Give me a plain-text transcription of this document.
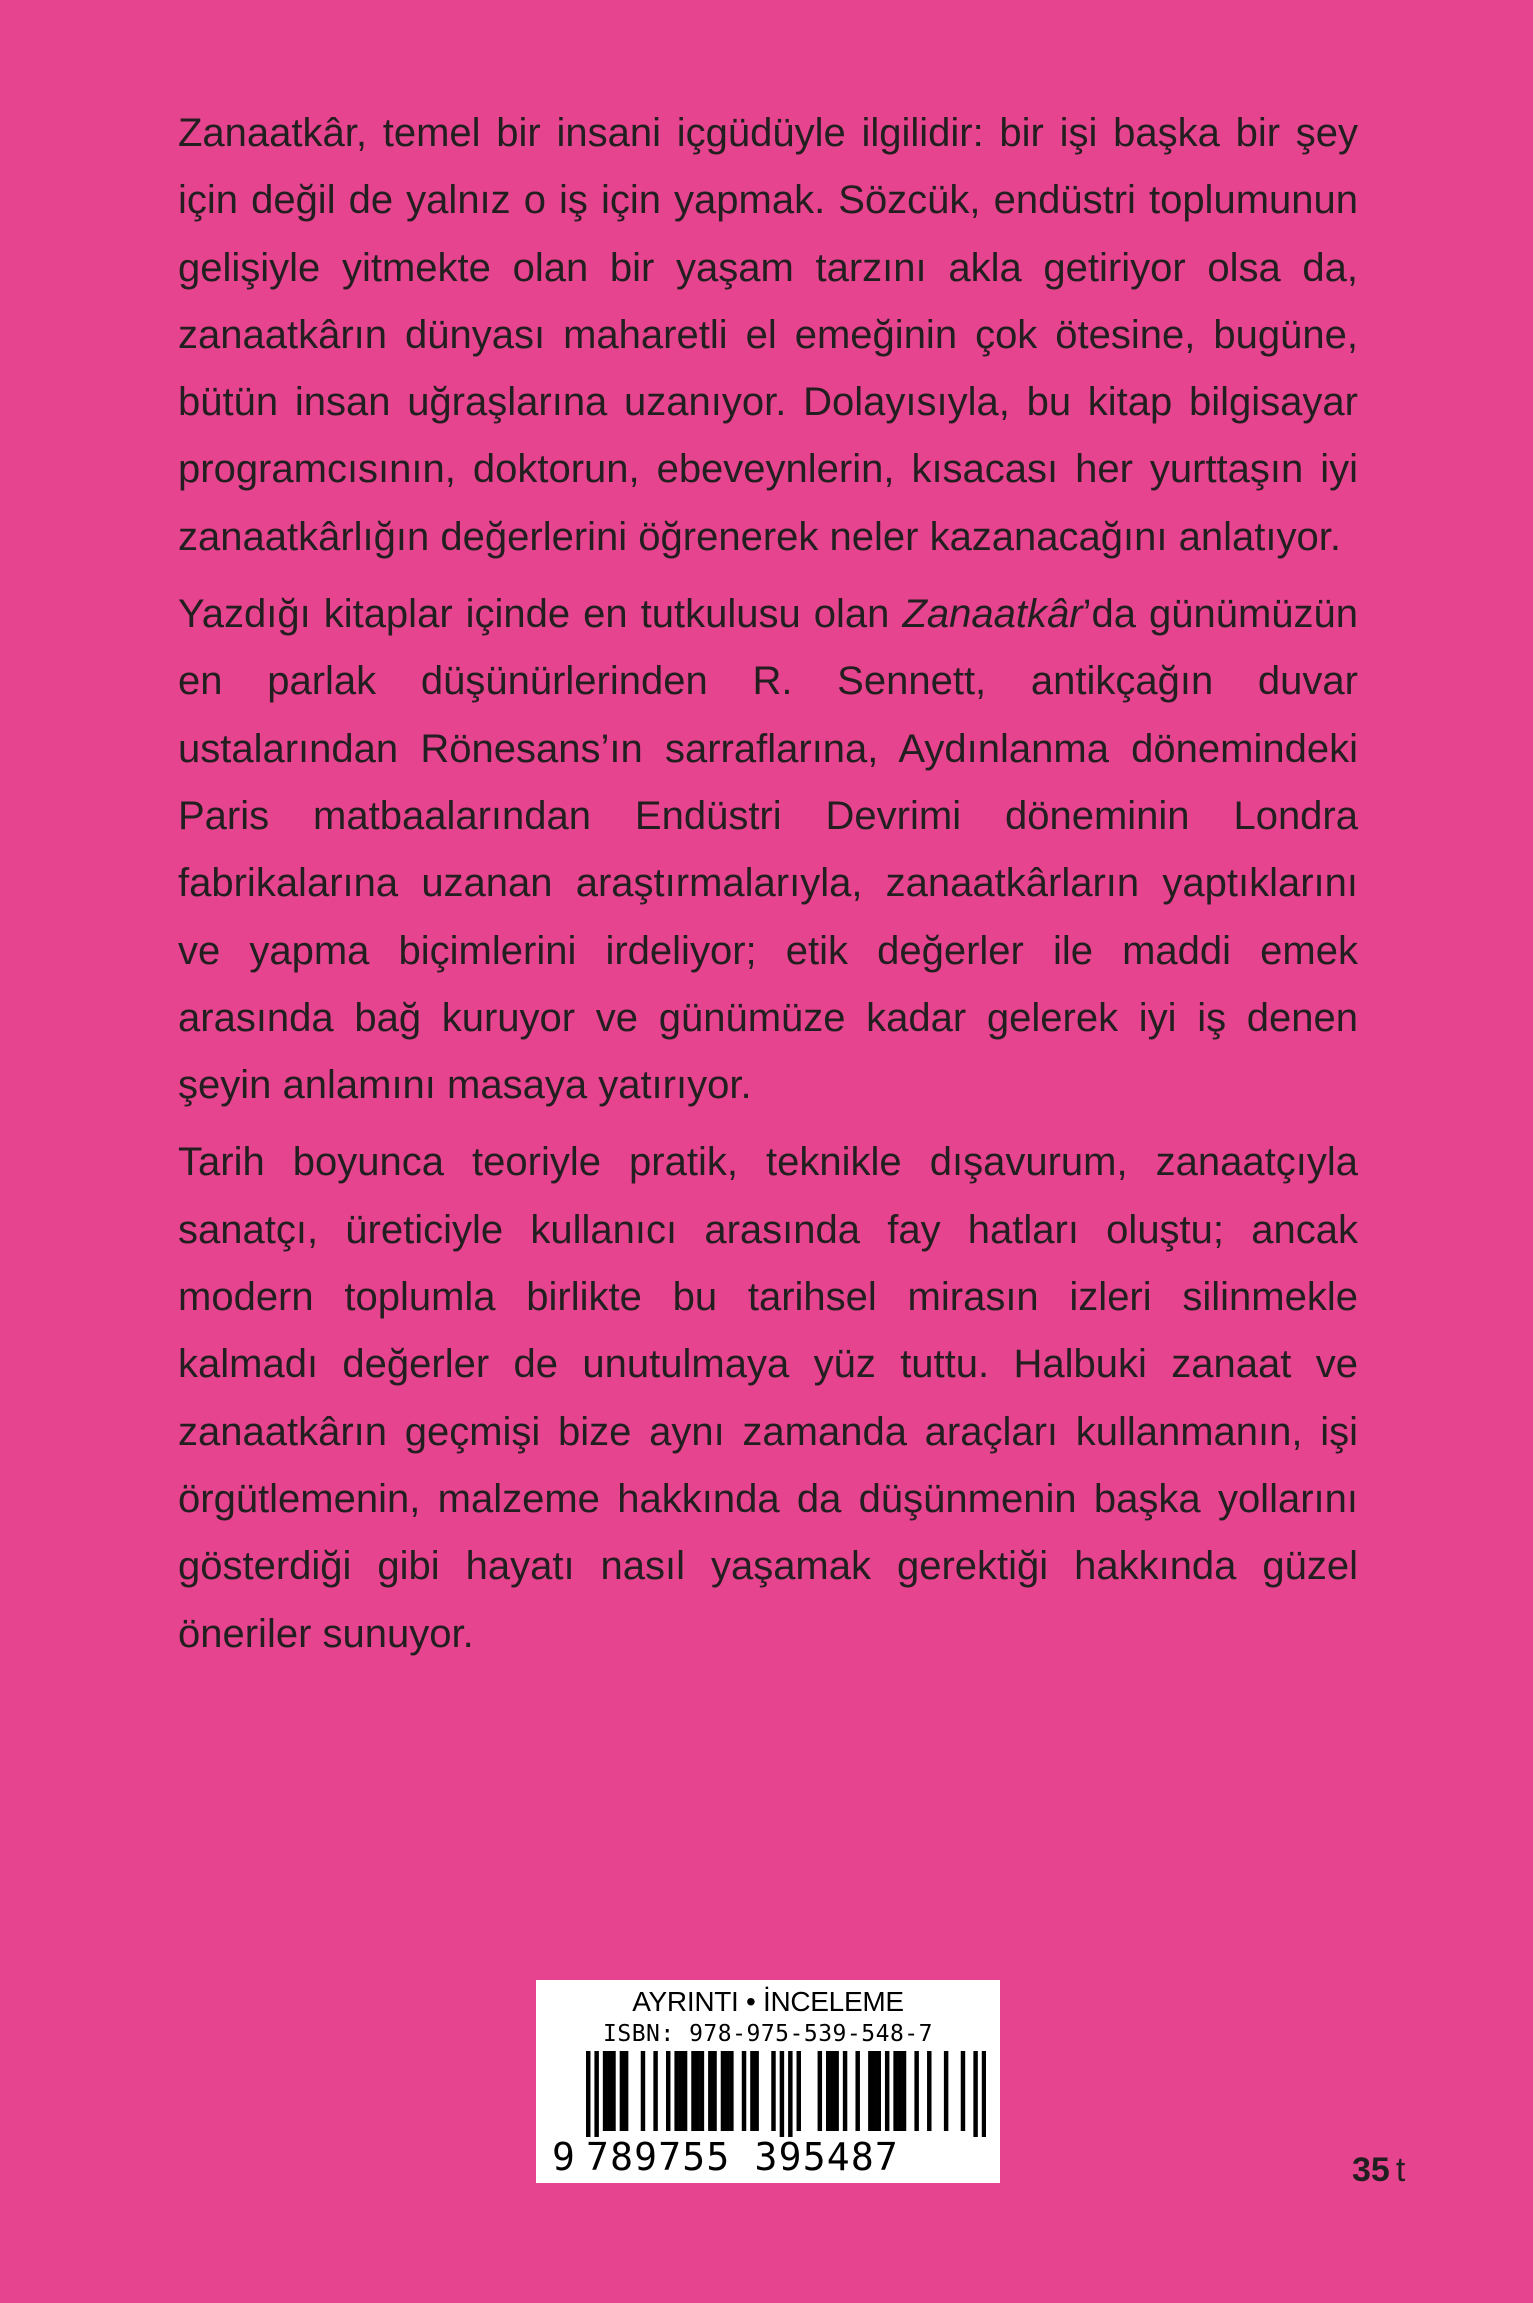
Zanaatkâr, temel bir insani içgüdüyle ilgilidir: bir işi başka bir şey için değil de yalnız o iş için yapmak. Sözcük, endüstri toplumunun gelişiyle yitmekte olan bir yaşam tarzını akla getiriyor olsa da, zanaatkârın dünyası maharetli el emeğinin çok ötesine, bugüne, bütün insan uğraşlarına uzanıyor. Dolayısıyla, bu kitap bilgisayar programcısının, doktorun, ebeveynlerin, kısacası her yurttaşın iyi zanaatkârlığın değerlerini öğrenerek neler kazanacağını anlatıyor.

Yazdığı kitaplar içinde en tutkulusu olan Zanaatkâr’da günümüzün en parlak düşünürlerinden R. Sennett, antikçağın duvar ustalarından Rönesans’ın sarraflarına, Aydınlanma dönemindeki Paris matbaalarından Endüstri Devrimi döneminin Londra fabrikalarına uzanan araştırmalarıyla, zanaatkârların yaptıklarını ve yapma biçimlerini irdeliyor; etik değerler ile maddi emek arasında bağ kuruyor ve günümüze kadar gelerek iyi iş denen şeyin anlamını masaya yatırıyor.

Tarih boyunca teoriyle pratik, teknikle dışavurum, zanaatçıyla sanatçı, üreticiyle kullanıcı arasında fay hatları oluştu; ancak modern toplumla birlikte bu tarihsel mirasın izleri silinmekle kalmadı değerler de unutulmaya yüz tuttu. Halbuki zanaat ve zanaatkârın geçmişi bize aynı zamanda araçları kullanmanın, işi örgütlemenin, malzeme hakkında da düşünmenin başka yollarını gösterdiği gibi hayatı nasıl yaşamak gerektiği hakkında güzel öneriler sunuyor.

AYRINTI • İNCELEME
ISBN: 978-975-539-548-7
9 789755 395487	35 t
